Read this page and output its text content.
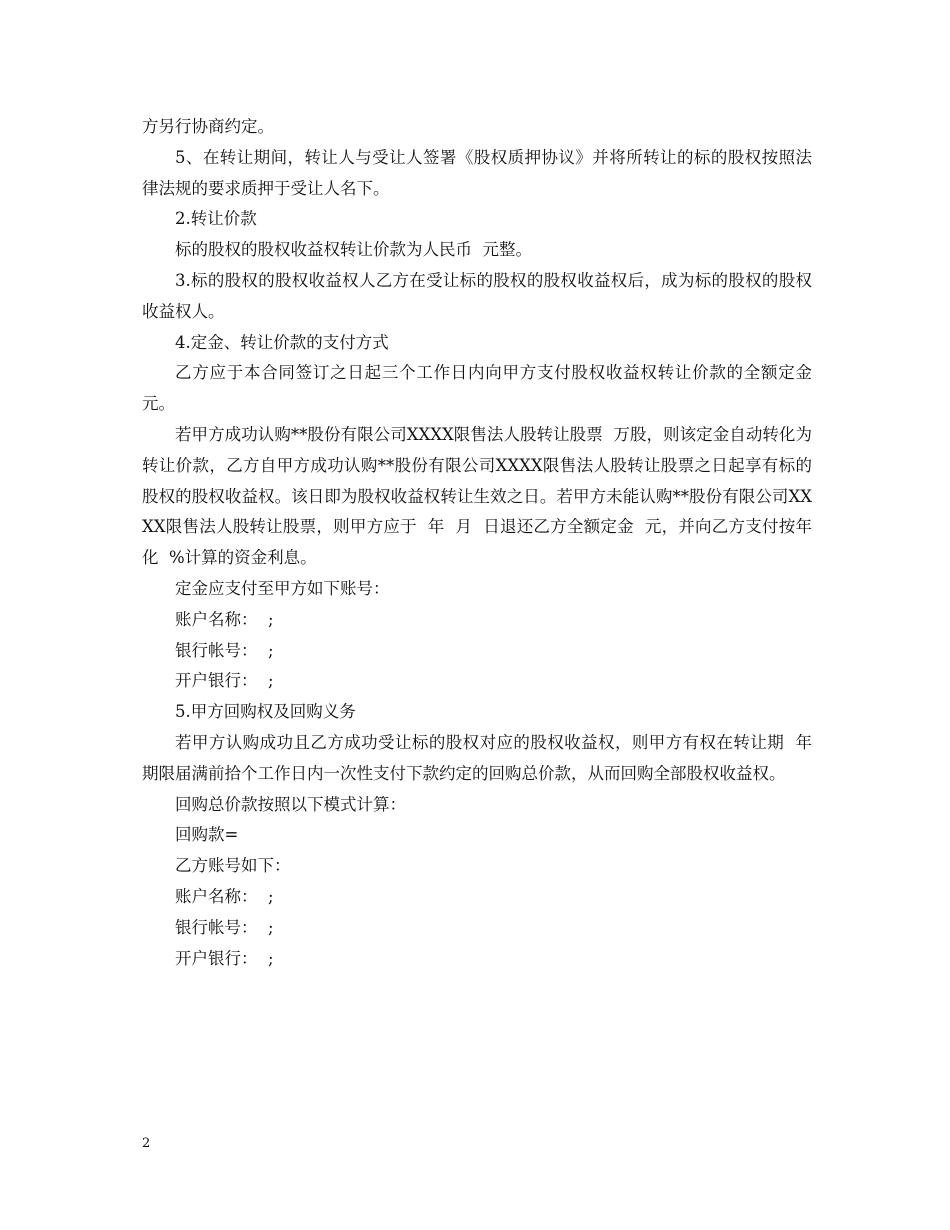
方另行协商约定。

5、在转让期间，转让人与受让人签署《股权质押协议》并将所转让的标的股权按照法律法规的要求质押于受让人名下。

2.转让价款

标的股权的股权收益权转让价款为人民币  元整。

3.标的股权的股权收益权人乙方在受让标的股权的股权收益权后，成为标的股权的股权收益权人。

4.定金、转让价款的支付方式

乙方应于本合同签订之日起三个工作日内向甲方支付股权收益权转让价款的全额定金  元。

若甲方成功认购**股份有限公司XXXX限售法人股转让股票  万股，则该定金自动转化为转让价款，乙方自甲方成功认购**股份有限公司XXXX限售法人股转让股票之日起享有标的股权的股权收益权。该日即为股权收益权转让生效之日。若甲方未能认购**股份有限公司XXXX限售法人股转让股票，则甲方应于  年  月  日退还乙方全额定金  元，并向乙方支付按年化  %计算的资金利息。

定金应支付至甲方如下账号：

账户名称：  ;

银行帐号：  ;

开户银行：  ;

5.甲方回购权及回购义务

若甲方认购成功且乙方成功受让标的股权对应的股权收益权，则甲方有权在转让期  年期限届满前拾个工作日内一次性支付下款约定的回购总价款，从而回购全部股权收益权。

回购总价款按照以下模式计算：

回购款=

乙方账号如下：

账户名称：  ;

银行帐号：  ;

开户银行：  ;

2
